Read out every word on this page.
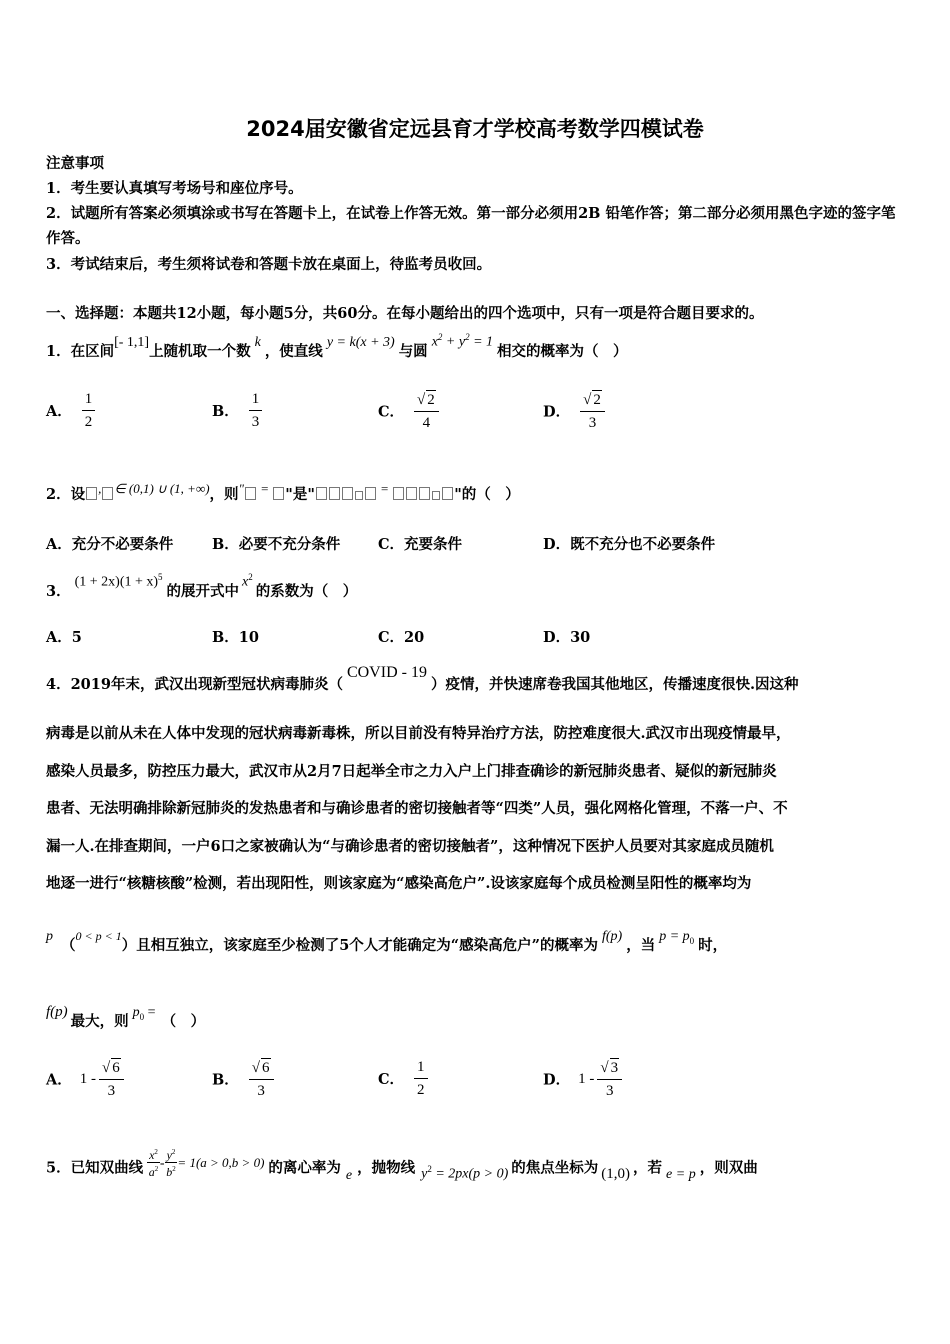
2024届安徽省定远县育才学校高考数学四模试卷
注意事项
1．考生要认真填写考场号和座位序号。
2．试题所有答案必须填涂或书写在答题卡上，在试卷上作答无效。第一部分必须用2B 铅笔作答；第二部分必须用黑色字迹的签字笔作答。
3．考试结束后，考生须将试卷和答题卡放在桌面上，待监考员收回。
一、选择题：本题共12小题，每小题5分，共60分。在每小题给出的四个选项中，只有一项是符合题目要求的。
1．在区间[- 1,1]上随机取一个数k，使直线y = k(x + 3)与圆$x^2 + y^2 = 1$相交的概率为（　）
A． $\frac{1}{2}$	B． $\frac{1}{3}$	C． $\frac{√ 2}{4}$	D． $\frac{√ 2}{3}$
2．设 , ∈ (0,1) ∪ (1, +∞)，则" = "是"	=	"的（　）
A．充分不必要条件	B．必要不充分条件	C．充要条件	D．既不充分也不必要条件
3．$(1 + 2x)(1 + x)^5$的展开式中$x^2$的系数为（　）
A．5	B．10	C．20	D．30
4．2019年末，武汉出现新型冠状病毒肺炎（COVID - 19）疫情，并快速席卷我国其他地区，传播速度很快.因这种
病毒是以前从未在人体中发现的冠状病毒新毒株，所以目前没有特异治疗方法，防控难度很大.武汉市出现疫情最早，
感染人员最多，防控压力最大，武汉市从2月7日起举全市之力入户上门排查确诊的新冠肺炎患者、疑似的新冠肺炎
患者、无法明确排除新冠肺炎的发热患者和与确诊患者的密切接触者等“四类”人员，强化网格化管理，不落一户、不
漏一人.在排查期间，一户6口之家被确认为“与确诊患者的密切接触者”，这种情况下医护人员要对其家庭成员随机
地逐一进行“核糖核酸”检测，若出现阳性，则该家庭为“感染高危户”.设该家庭每个成员检测呈阳性的概率均为
p（0 < p < 1）且相互独立，该家庭至少检测了5个人才能确定为“感染高危户”的概率为f(p)，当$p = p_0$ 时，
f(p)最大，则$p_0$ =（　）
A． $1 - \frac{√ 6}{3}$	B． $\frac{√ 6}{3}$	C． $\frac{1}{2}$	D． $1 - \frac{√ 3}{3}$
5．已知双曲线 $\frac{x^2}{a^2} - \frac{y^2}{b^2} = 1(a > 0,b > 0)$ 的离心率为 e ，抛物线 $y^2 = 2px(p > 0)$ 的焦点坐标为 (1,0) ，若 e = p ，则双曲
